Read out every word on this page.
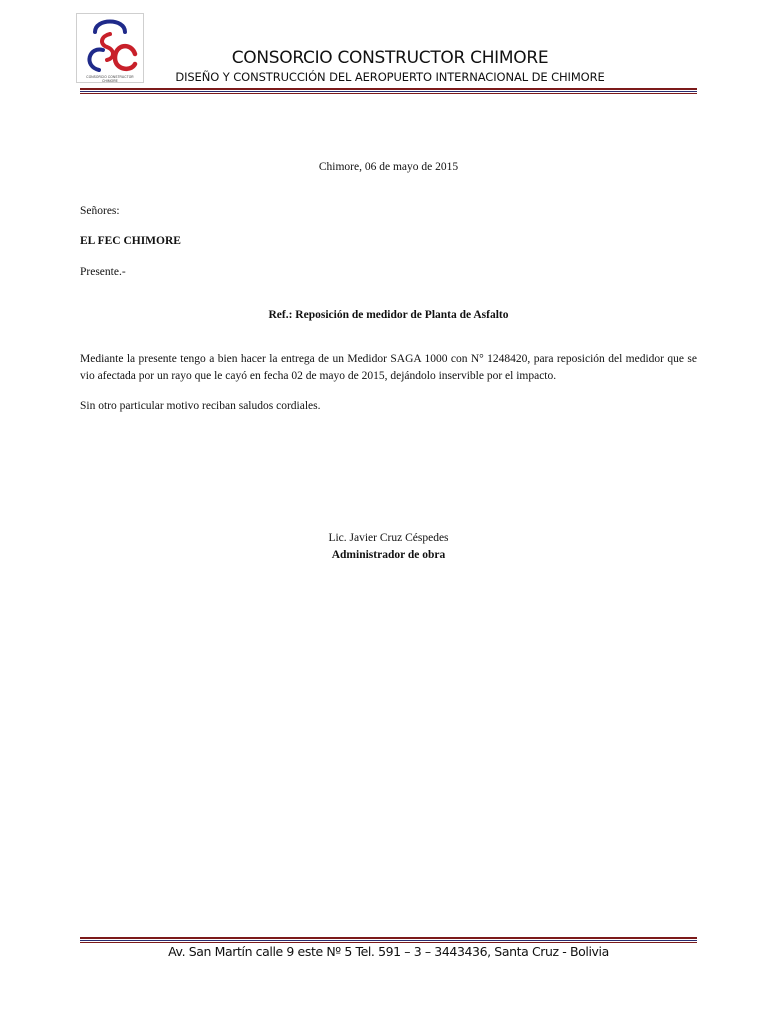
CONSORCIO CONSTRUCTOR CHIMORE
CONSORCIO CONSTRUCTOR CHIMORE
DISEÑO Y CONSTRUCCIÓN DEL AEROPUERTO INTERNACIONAL DE CHIMORE
Chimore, 06 de mayo de 2015
Señores:
EL FEC CHIMORE
Presente.-
Ref.: Reposición de medidor de Planta de Asfalto
Mediante la presente tengo a bien hacer la entrega de un Medidor SAGA 1000 con N° 1248420, para reposición del medidor que se vio afectada por un rayo que le cayó en fecha 02 de mayo de 2015, dejándolo inservible por el impacto.
Sin otro particular motivo reciban saludos cordiales.
Lic. Javier Cruz Céspedes
Administrador de obra
Av. San Martín calle 9 este Nº 5 Tel. 591 – 3 – 3443436, Santa Cruz - Bolivia
